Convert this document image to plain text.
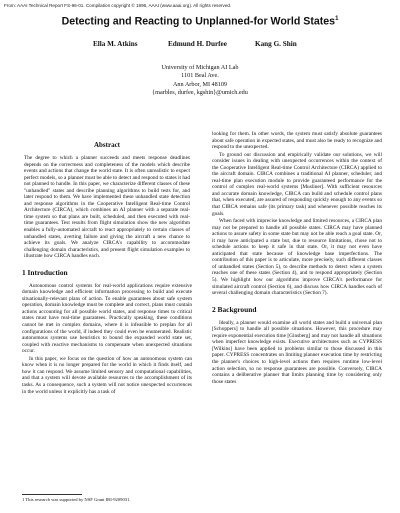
From: AAAI Technical Report FS-96-01. Compilation copyright © 1996, AAAI (www.aaai.org). All rights reserved.
Detecting and Reacting to Unplanned-for World States$^1$
Ella M. Atkins	Edmund H. Durfee	Kang G. Shin
University of Michigan AI Lab
1101 Beal Ave.
Ann Arbor, MI 48109
{marbles, durfee, kgshin}@umich.edu
Abstract

The degree to which a planner succeeds and meets response deadlines depends on the correctness and completeness of the models which describe events and actions that change the world state. It is often unrealistic to expect perfect models, so a planner must be able to detect and respond to states it had not planned to handle. In this paper, we characterize different classes of these "unhandled" states and describe planning algorithms to build tests for, and later respond to them. We have implemented these unhandled state detection and response algorithms in the Cooperative Intelligent Real-time Control Architecture (CIRCA), which combines an AI planner with a separate real-time system so that plans are built, scheduled, and then executed with real-time guarantees. Test results from flight simulation show the new algorithm enables a fully-automated aircraft to react appropriately to certain classes of unhandled states, averting failure and giving the aircraft a new chance to achieve its goals. We analyze CIRCA's capability to accommodate challenging domain characteristics, and present flight simulation examples to illustrate how CIRCA handles each.

1 Introduction

Autonomous control systems for real-world applications require extensive domain knowledge and efficient information processing to build and execute situationally-relevant plans of action. To enable guarantees about safe system operation, domain knowledge must be complete and correct, plans must contain actions accounting for all possible world states, and response times to critical states must have real-time guarantees. Practically speaking, these conditions cannot be met in complex domains, where it is infeasible to preplan for all configurations of the world, if indeed they could even be enumerated. Realistic autonomous systems use heuristics to bound the expanded world state set, coupled with reactive mechanisms to compensate when unexpected situations occur.

In this paper, we focus on the question of how an autonomous system can know when it is no longer prepared for the world in which it finds itself, and how it can respond. We assume limited sensory and computational capabilities, and that a system will devote available resources to the accomplishment of its tasks. As a consequence, such a system will not notice unexpected occurrences in the world unless it explicitly has a task of

looking for them. In other words, the system must satisfy absolute guarantees about safe operation in expected states, and must also be ready to recognize and respond to the unexpected.

To ground our discussion and empirically validate our solutions, we will consider issues in dealing with unexpected occurrences within the context of the Cooperative Intelligent Real-time Control Architecture (CIRCA) applied to the aircraft domain. CIRCA combines a traditional AI planner, scheduler, and real-time plan execution module to provide guaranteed performance for the control of complex real-world systems [Musliner]. With sufficient resources and accurate domain knowledge, CIRCA can build and schedule control plans that, when executed, are assured of responding quickly enough to any events so that CIRCA remains safe (its primary task) and whenever possible reaches its goals.

When faced with imprecise knowledge and limited resources, a CIRCA plan may not be prepared to handle all possible states. CIRCA may have planned actions to assure safety in some state but may not be able reach a goal state. Or, it may have anticipated a state but, due to resource limitations, chose not to schedule actions to keep it safe in that state. Or, it may not even have anticipated that state because of knowledge base imperfections. The contribution of this paper is to articulate, more precisely, such different classes of unhandled states (Section 5), to describe methods to detect when a system reaches one of these states (Section 4), and to respond appropriately (Section 5). We highlight how our algorithms improve CIRCA's performance for simulated aircraft control (Section 6), and discuss how CIRCA handles each of several challenging domain characteristics (Section 7).

2 Background

Ideally, a planner would examine all world states and build a universal plan [Schoppers] to handle all possible situations. However, this procedure may require exponential execution time [Ginsberg] and may not handle all situations when imperfect knowledge exists. Executive architectures such as CYPRESS [Wilkins] have been applied to problems similar to those discussed in this paper. CYPRESS concentrates on limiting planner execution time by restricting the planner's choices to high-level actions then requires runtime low-level action selection, so no response guarantees are possible. Conversely, CIRCA contains a deliberative planner that limits planning time by considering only those states

1 This research was supported by NSF Grant IRI-9209031.
